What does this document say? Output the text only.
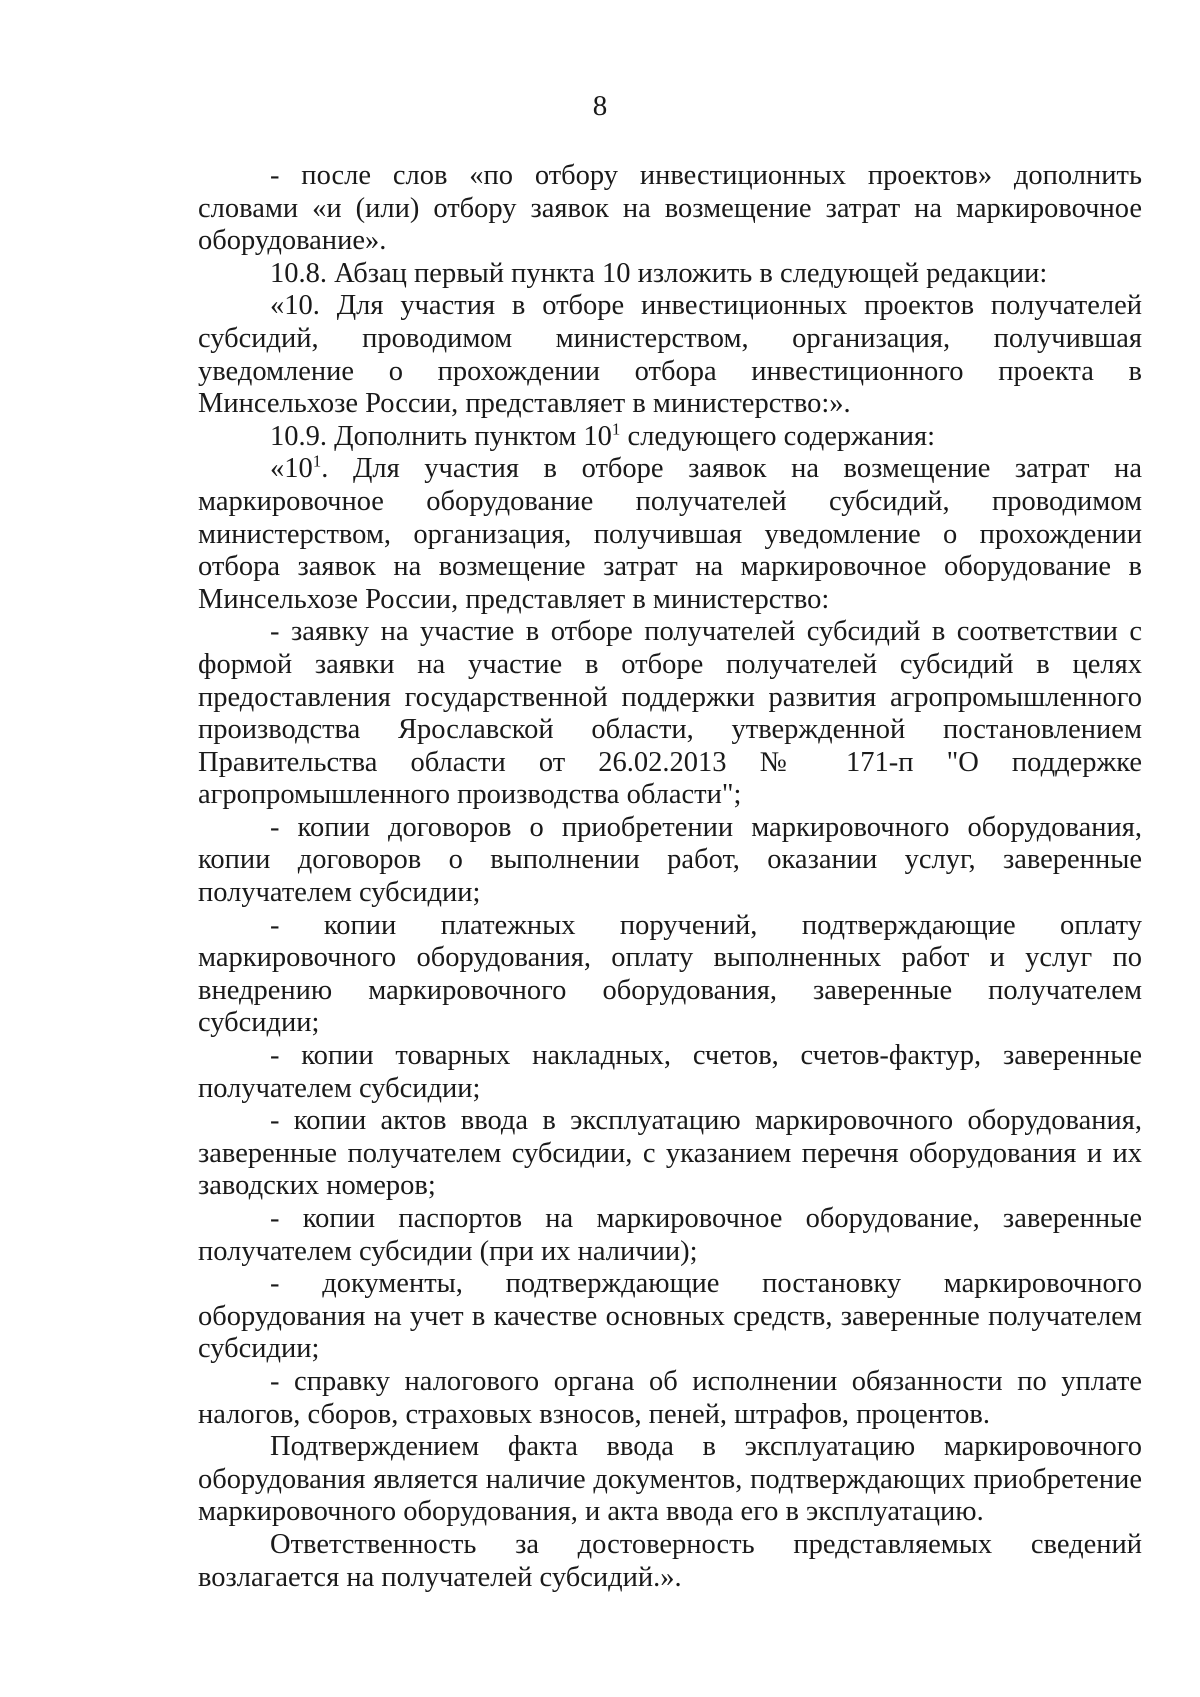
8

- после слов «по отбору инвестиционных проектов» дополнить словами «и (или) отбору заявок на возмещение затрат на маркировочное оборудование».

10.8. Абзац первый пункта 10 изложить в следующей редакции:

«10. Для участия в отборе инвестиционных проектов получателей субсидий, проводимом министерством, организация, получившая уведомление о прохождении отбора инвестиционного проекта в Минсельхозе России, представляет в министерство:».

10.9. Дополнить пунктом $10^1$ следующего содержания:

«$10^1$. Для участия в отборе заявок на возмещение затрат на маркировочное оборудование получателей субсидий, проводимом министерством, организация, получившая уведомление о прохождении отбора заявок на возмещение затрат на маркировочное оборудование в Минсельхозе России, представляет в министерство:

- заявку на участие в отборе получателей субсидий в соответствии с формой заявки на участие в отборе получателей субсидий в целях предоставления государственной поддержки развития агропромышленного производства Ярославской области, утвержденной постановлением Правительства области от 26.02.2013 № 171-п "О поддержке агропромышленного производства области";

- копии договоров о приобретении маркировочного оборудования, копии договоров о выполнении работ, оказании услуг, заверенные получателем субсидии;

- копии платежных поручений, подтверждающие оплату маркировочного оборудования, оплату выполненных работ и услуг по внедрению маркировочного оборудования, заверенные получателем субсидии;

- копии товарных накладных, счетов, счетов-фактур, заверенные получателем субсидии;

- копии актов ввода в эксплуатацию маркировочного оборудования, заверенные получателем субсидии, с указанием перечня оборудования и их заводских номеров;

- копии паспортов на маркировочное оборудование, заверенные получателем субсидии (при их наличии);

- документы, подтверждающие постановку маркировочного оборудования на учет в качестве основных средств, заверенные получателем субсидии;

- справку налогового органа об исполнении обязанности по уплате налогов, сборов, страховых взносов, пеней, штрафов, процентов.

Подтверждением факта ввода в эксплуатацию маркировочного оборудования является наличие документов, подтверждающих приобретение маркировочного оборудования, и акта ввода его в эксплуатацию.

Ответственность за достоверность представляемых сведений возлагается на получателей субсидий.».
